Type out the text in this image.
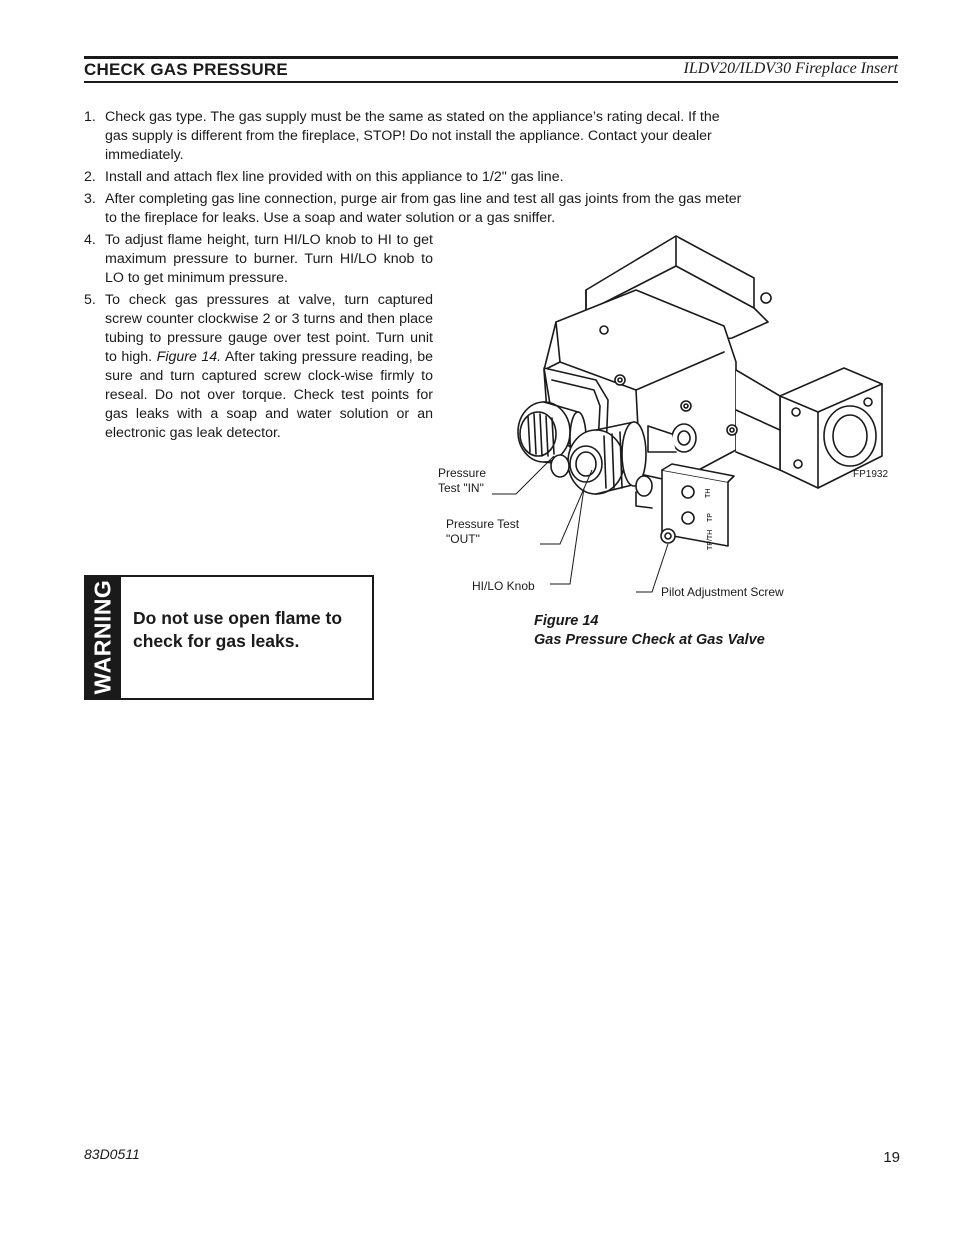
CHECK GAS PRESSURE	ILDV20/ILDV30 Fireplace Insert
1. Check gas type. The gas supply must be the same as stated on the appliance’s rating decal. If the gas supply is different from the fireplace, STOP! Do not install the appliance. Contact your dealer immediately.
2. Install and attach flex line provided with on this appliance to 1/2" gas line.
3. After completing gas line connection, purge air from gas line and test all gas joints from the gas meter to the fireplace for leaks. Use a soap and water solution or a gas sniffer.
4. To adjust flame height, turn HI/LO knob to HI to get maximum pressure to burner. Turn HI/LO knob to LO to get minimum pressure.
5. To check gas pressures at valve, turn captured screw counter clockwise 2 or 3 turns and then place tubing to pressure gauge over test point. Turn unit to high. Figure 14. After taking pressure reading, be sure and turn captured screw clock-wise firmly to reseal. Do not over torque. Check test points for gas leaks with a soap and water solution or an electronic gas leak detector.
WARNING Do not use open flame to check for gas leaks.
TH
TP
TP/TH
Pressure
Test "IN"
Pressure Test
"OUT"
HI/LO Knob	Pilot Adjustment Screw
FP1932
Figure 14
Gas Pressure Check at Gas Valve
83D0511	19
